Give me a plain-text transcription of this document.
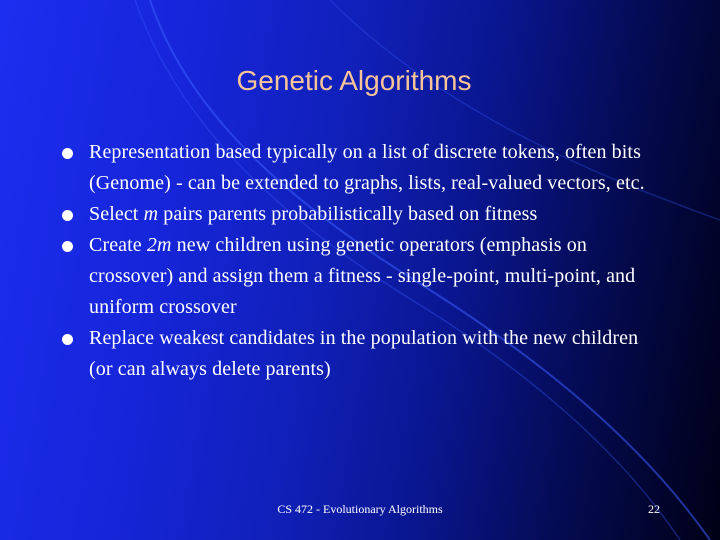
Genetic Algorithms
Representation based typically on a list of discrete tokens, often bits (Genome) - can be extended to graphs, lists, real-valued vectors, etc.
Select m pairs parents probabilistically based on fitness
Create 2m new children using genetic operators (emphasis on crossover) and assign them a fitness - single-point, multi-point, and uniform crossover
Replace weakest candidates in the population with the new children (or can always delete parents)
CS 472 - Evolutionary Algorithms	22
